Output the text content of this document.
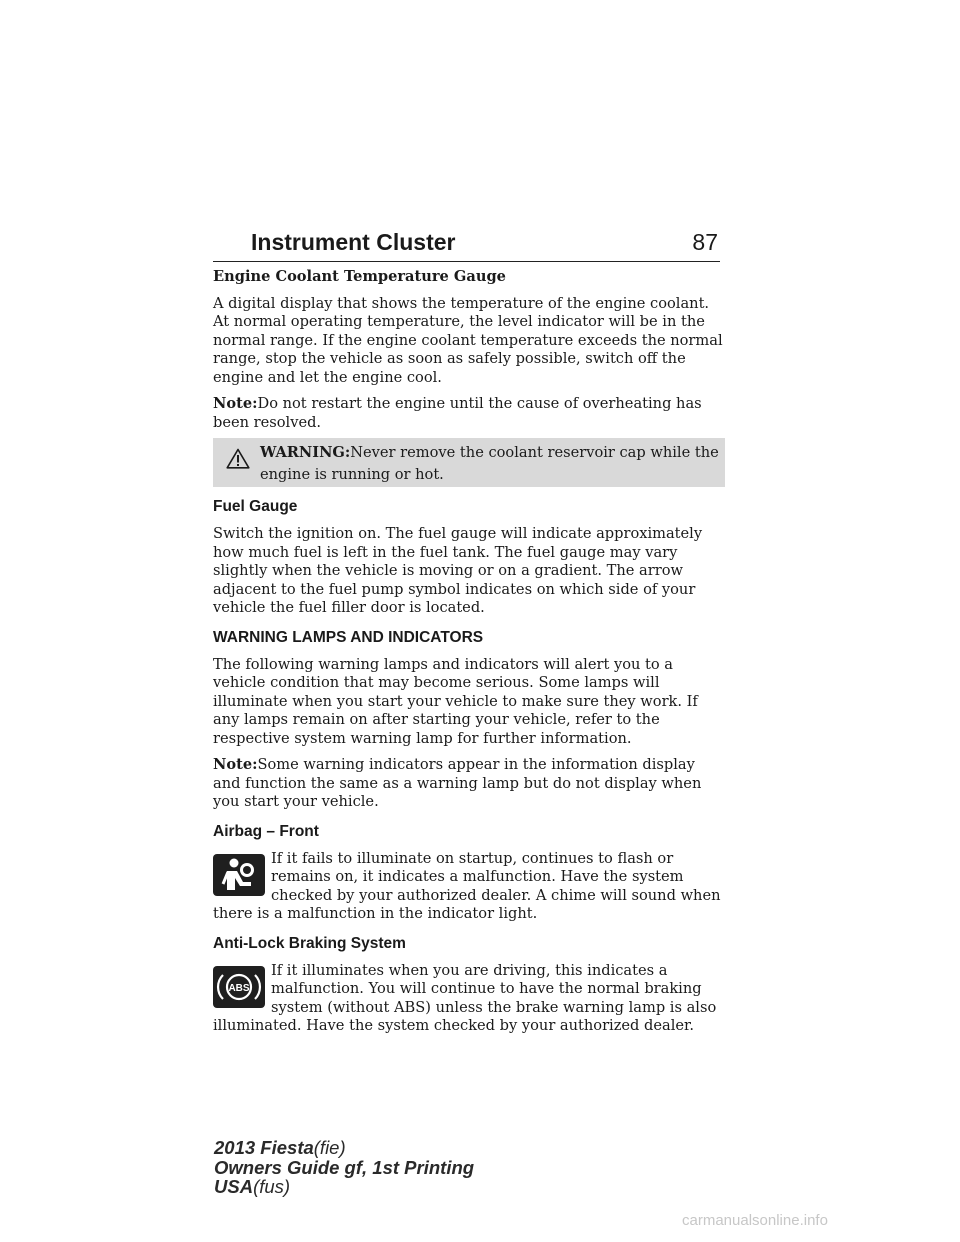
Instrument Cluster	87

Engine Coolant Temperature Gauge

A digital display that shows the temperature of the engine coolant. At normal operating temperature, the level indicator will be in the normal range. If the engine coolant temperature exceeds the normal range, stop the vehicle as soon as safely possible, switch off the engine and let the engine cool.

Note:Do not restart the engine until the cause of overheating has been resolved.

WARNING:Never remove the coolant reservoir cap while the engine is running or hot.

Fuel Gauge

Switch the ignition on. The fuel gauge will indicate approximately how much fuel is left in the fuel tank. The fuel gauge may vary slightly when the vehicle is moving or on a gradient. The arrow adjacent to the fuel pump symbol indicates on which side of your vehicle the fuel filler door is located.

WARNING LAMPS AND INDICATORS

The following warning lamps and indicators will alert you to a vehicle condition that may become serious. Some lamps will illuminate when you start your vehicle to make sure they work. If any lamps remain on after starting your vehicle, refer to the respective system warning lamp for further information.

Note:Some warning indicators appear in the information display and function the same as a warning lamp but do not display when you start your vehicle.

Airbag – Front

If it fails to illuminate on startup, continues to flash or remains on, it indicates a malfunction. Have the system checked by your authorized dealer. A chime will sound when there is a malfunction in the indicator light.

Anti-Lock Braking System

ABS

If it illuminates when you are driving, this indicates a malfunction. You will continue to have the normal braking system (without ABS) unless the brake warning lamp is also illuminated. Have the system checked by your authorized dealer.

2013 Fiesta(fie)
Owners Guide gf, 1st Printing
USA(fus)
carmanualsonline.info
